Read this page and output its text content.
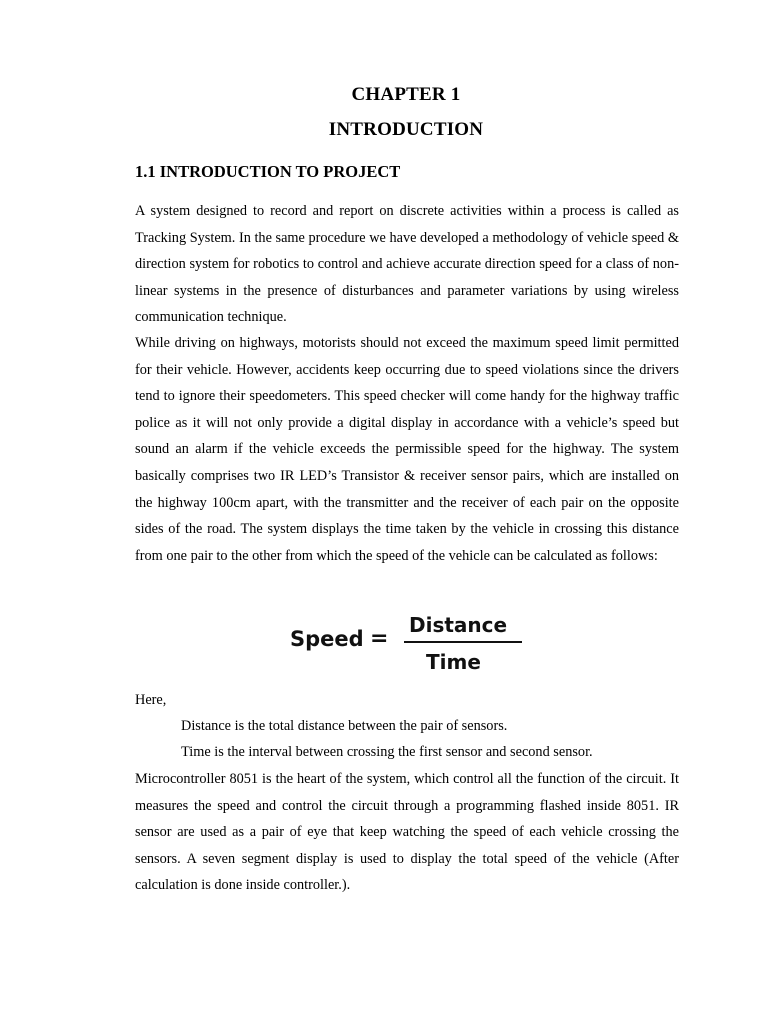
CHAPTER 1
INTRODUCTION
1.1 INTRODUCTION TO PROJECT
A system designed to record and report on discrete activities within a process is called as Tracking System. In the same procedure we have developed a methodology of vehicle speed & direction system for robotics to control and achieve accurate direction speed for a class of non-linear systems in the presence of disturbances and parameter variations by using wireless communication technique.
While driving on highways, motorists should not exceed the maximum speed limit permitted for their vehicle. However, accidents keep occurring due to speed violations since the drivers tend to ignore their speedometers. This speed checker will come handy for the highway traffic police as it will not only provide a digital display in accordance with a vehicle’s speed but sound an alarm if the vehicle exceeds the permissible speed for the highway. The system basically comprises two IR LED’s Transistor & receiver sensor pairs, which are installed on the highway 100cm apart, with the transmitter and the receiver of each pair on the opposite sides of the road. The system displays the time taken by the vehicle in crossing this distance from one pair to the other from which the speed of the vehicle can be calculated as follows:
Speed =
Distance
Time
Here,
Distance is the total distance between the pair of sensors.
Time is the interval between crossing the first sensor and second sensor.
Microcontroller 8051 is the heart of the system, which control all the function of the circuit. It measures the speed and control the circuit through a programming flashed inside 8051. IR sensor are used as a pair of eye that keep watching the speed of each vehicle crossing the sensors. A seven segment display is used to display the total speed of the vehicle (After calculation is done inside controller.).
